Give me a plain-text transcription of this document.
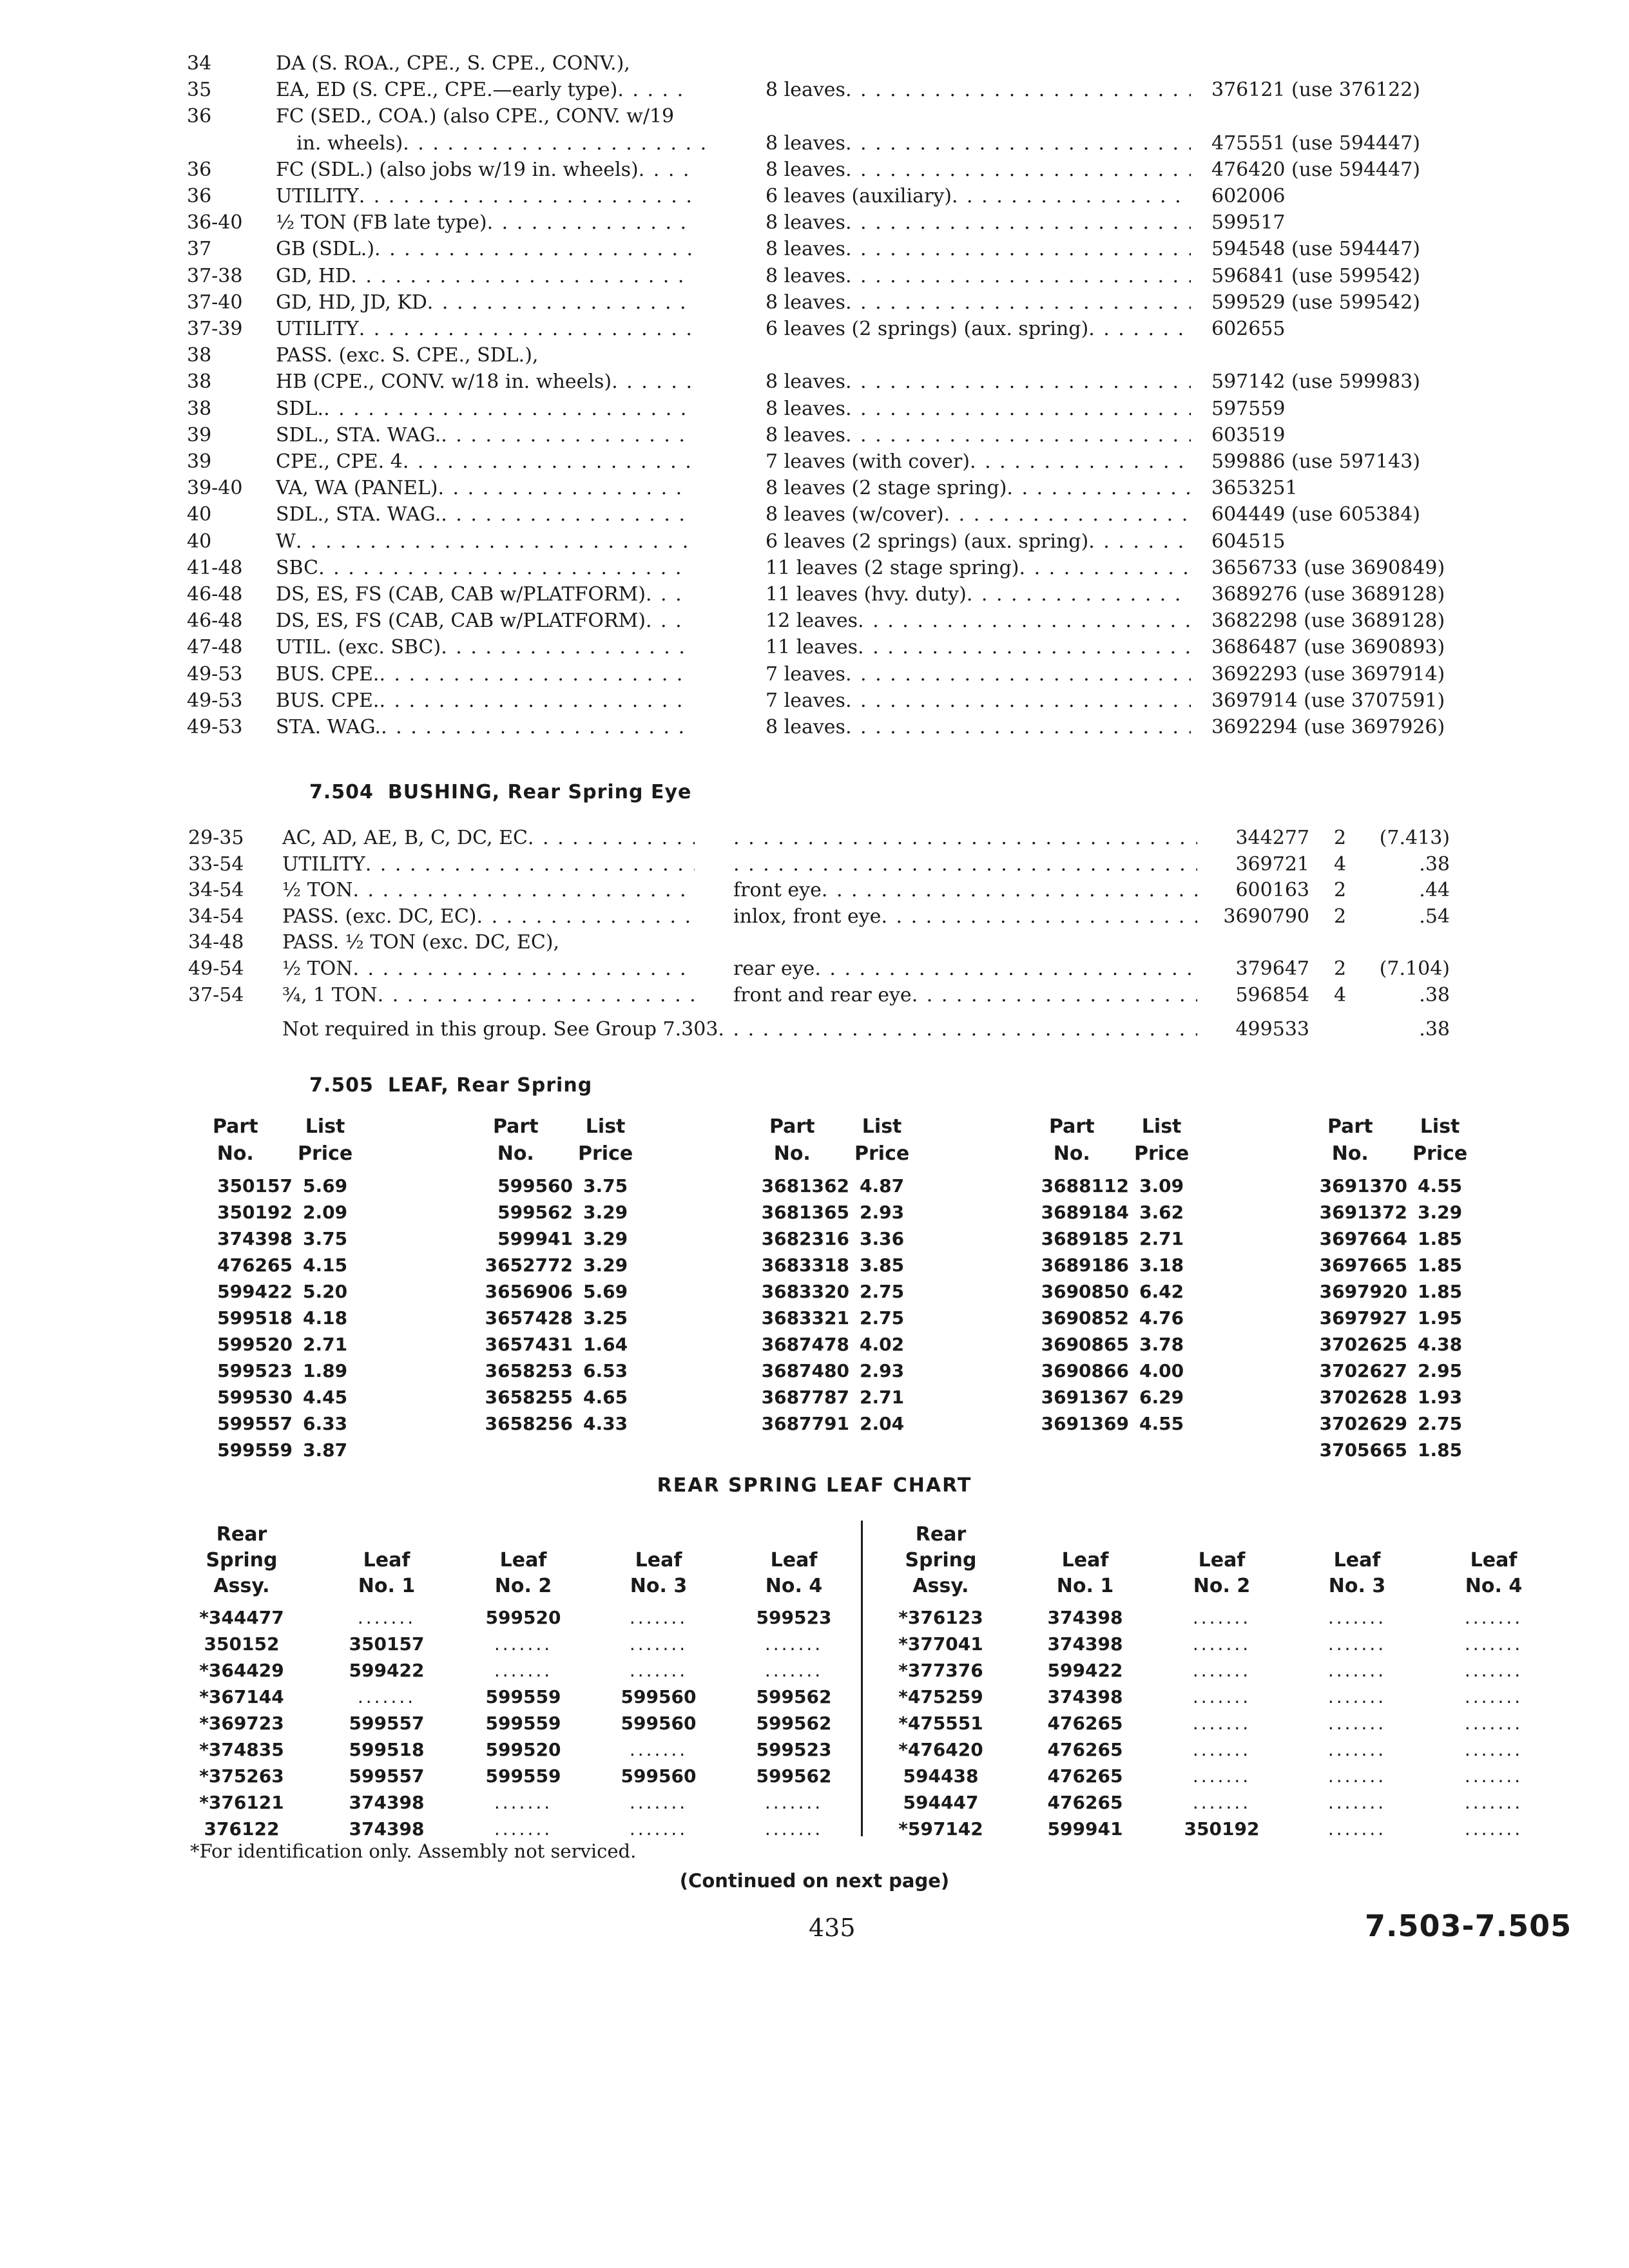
34	DA (S. ROA., CPE., S. CPE., CONV.),
35	EA, ED (S. CPE., CPE.—early type) . . .	8 leaves . . .	376121 (use 376122)
36	FC (SED., COA.) (also CPE., CONV. w/19
in. wheels) . . .	8 leaves . . .	475551 (use 594447)
36	FC (SDL.) (also jobs w/19 in. wheels) . . .	8 leaves . . .	476420 (use 594447)
36	UTILITY . . .	6 leaves (auxiliary) . . .	602006
36-40 ½ TON (FB late type) . . .	8 leaves . . .	599517
37	GB (SDL.) . . .	8 leaves . . .	594548 (use 594447)
37-38 GD, HD . . .	8 leaves . . .	596841 (use 599542)
37-40 GD, HD, JD, KD . . .	8 leaves . . .	599529 (use 599542)
37-39 UTILITY . . .	6 leaves (2 springs) (aux. spring) . . .	602655
38	PASS. (exc. S. CPE., SDL.),
38	HB (CPE., CONV. w/18 in. wheels) . . .	8 leaves . . .	597142 (use 599983)
38	SDL. . . .	8 leaves . . .	597559
39	SDL., STA. WAG. . . .	8 leaves . . .	603519
39	CPE., CPE. 4 . . .	7 leaves (with cover) . . .	599886 (use 597143)
39-40 VA, WA (PANEL) . . .	8 leaves (2 stage spring) . . .	3653251
40	SDL., STA. WAG. . . .	8 leaves (w/cover) . . .	604449 (use 605384)
40	W . . .	6 leaves (2 springs) (aux. spring) . . .	604515
41-48 SBC . . .	11 leaves (2 stage spring) . . .	3656733 (use 3690849)
46-48 DS, ES, FS (CAB, CAB w/PLATFORM) . . .	11 leaves (hvy. duty) . . .	3689276 (use 3689128)
46-48 DS, ES, FS (CAB, CAB w/PLATFORM) . . .	12 leaves . . .	3682298 (use 3689128)
47-48 UTIL. (exc. SBC) . . .	11 leaves . . .	3686487 (use 3690893)
49-53 BUS. CPE. . . .	7 leaves . . .	3692293 (use 3697914)
49-53 BUS. CPE. . . .	7 leaves . . .	3697914 (use 3707591)
49-53 STA. WAG. . . .	8 leaves . . .	3692294 (use 3697926)
7.504 BUSHING, Rear Spring Eye
29-35 AC, AD, AE, B, C, DC, EC . . . . . .	344277 2 (7.413)
33-54 UTILITY . . . . . .	369721 4	.38
34-54 ½ TON . . .	front eye . . .	600163 2	.44
34-54 PASS. (exc. DC, EC) . . .	inlox, front eye . . .	3690790 2	.54
34-48 PASS. ½ TON (exc. DC, EC),
49-54 ½ TON . . .	rear eye . . .	379647 2 (7.104)
37-54 ¾, 1 TON . . .	front and rear eye . . .	596854 4	.38
Not required in this group. See Group 7.303 . . .	499533	.38
7.505 LEAF, Rear Spring
Part
No.
List
Price
350157 5.69
350192 2.09
374398 3.75
476265 4.15
599422 5.20
599518 4.18
599520 2.71
599523 1.89
599530 4.45
599557 6.33
599559 3.87
Part
No.
List
Price
599560 3.75
599562 3.29
599941 3.29
3652772 3.29
3656906 5.69
3657428 3.25
3657431 1.64
3658253 6.53
3658255 4.65
3658256 4.33
Part
No.
List
Price
3681362 4.87
3681365 2.93
3682316 3.36
3683318 3.85
3683320 2.75
3683321 2.75
3687478 4.02
3687480 2.93
3687787 2.71
3687791 2.04
Part
No.
List
Price
3688112 3.09
3689184 3.62
3689185 2.71
3689186 3.18
3690850 6.42
3690852 4.76
3690865 3.78
3690866 4.00
3691367 6.29
3691369 4.55
Part
No.
List
Price
3691370 4.55
3691372 3.29
3697664 1.85
3697665 1.85
3697920 1.85
3697927 1.95
3702625 4.38
3702627 2.95
3702628 1.93
3702629 2.75
3705665 1.85
REAR SPRING LEAF CHART
Rear
Spring
Assy.
Leaf
No. 1
Leaf
No. 2
Leaf
No. 3
Leaf
No. 4
Rear
Spring
Assy.
Leaf
No. 1
Leaf
No. 2
Leaf
No. 3
Leaf
No. 4
*344477	.......	599520	.......	599523
350152	350157	.......	.......	.......
*364429	599422	.......	.......	.......
*367144	.......	599559	599560	599562
*369723	599557	599559	599560	599562
*374835	599518	599520	.......	599523
*375263	599557	599559	599560	599562
*376121	374398	.......	.......	.......
376122	374398	.......	.......	.......
*376123	374398	.......	.......	.......
*377041	374398	.......	.......	.......
*377376	599422	.......	.......	.......
*475259	374398	.......	.......	.......
*475551	476265	.......	.......	.......
*476420	476265	.......	.......	.......
594438	476265	.......	.......	.......
594447	476265	.......	.......	.......
*597142	599941	350192	.......	.......
*For identification only. Assembly not serviced.
(Continued on next page)
435	7.503-7.505
